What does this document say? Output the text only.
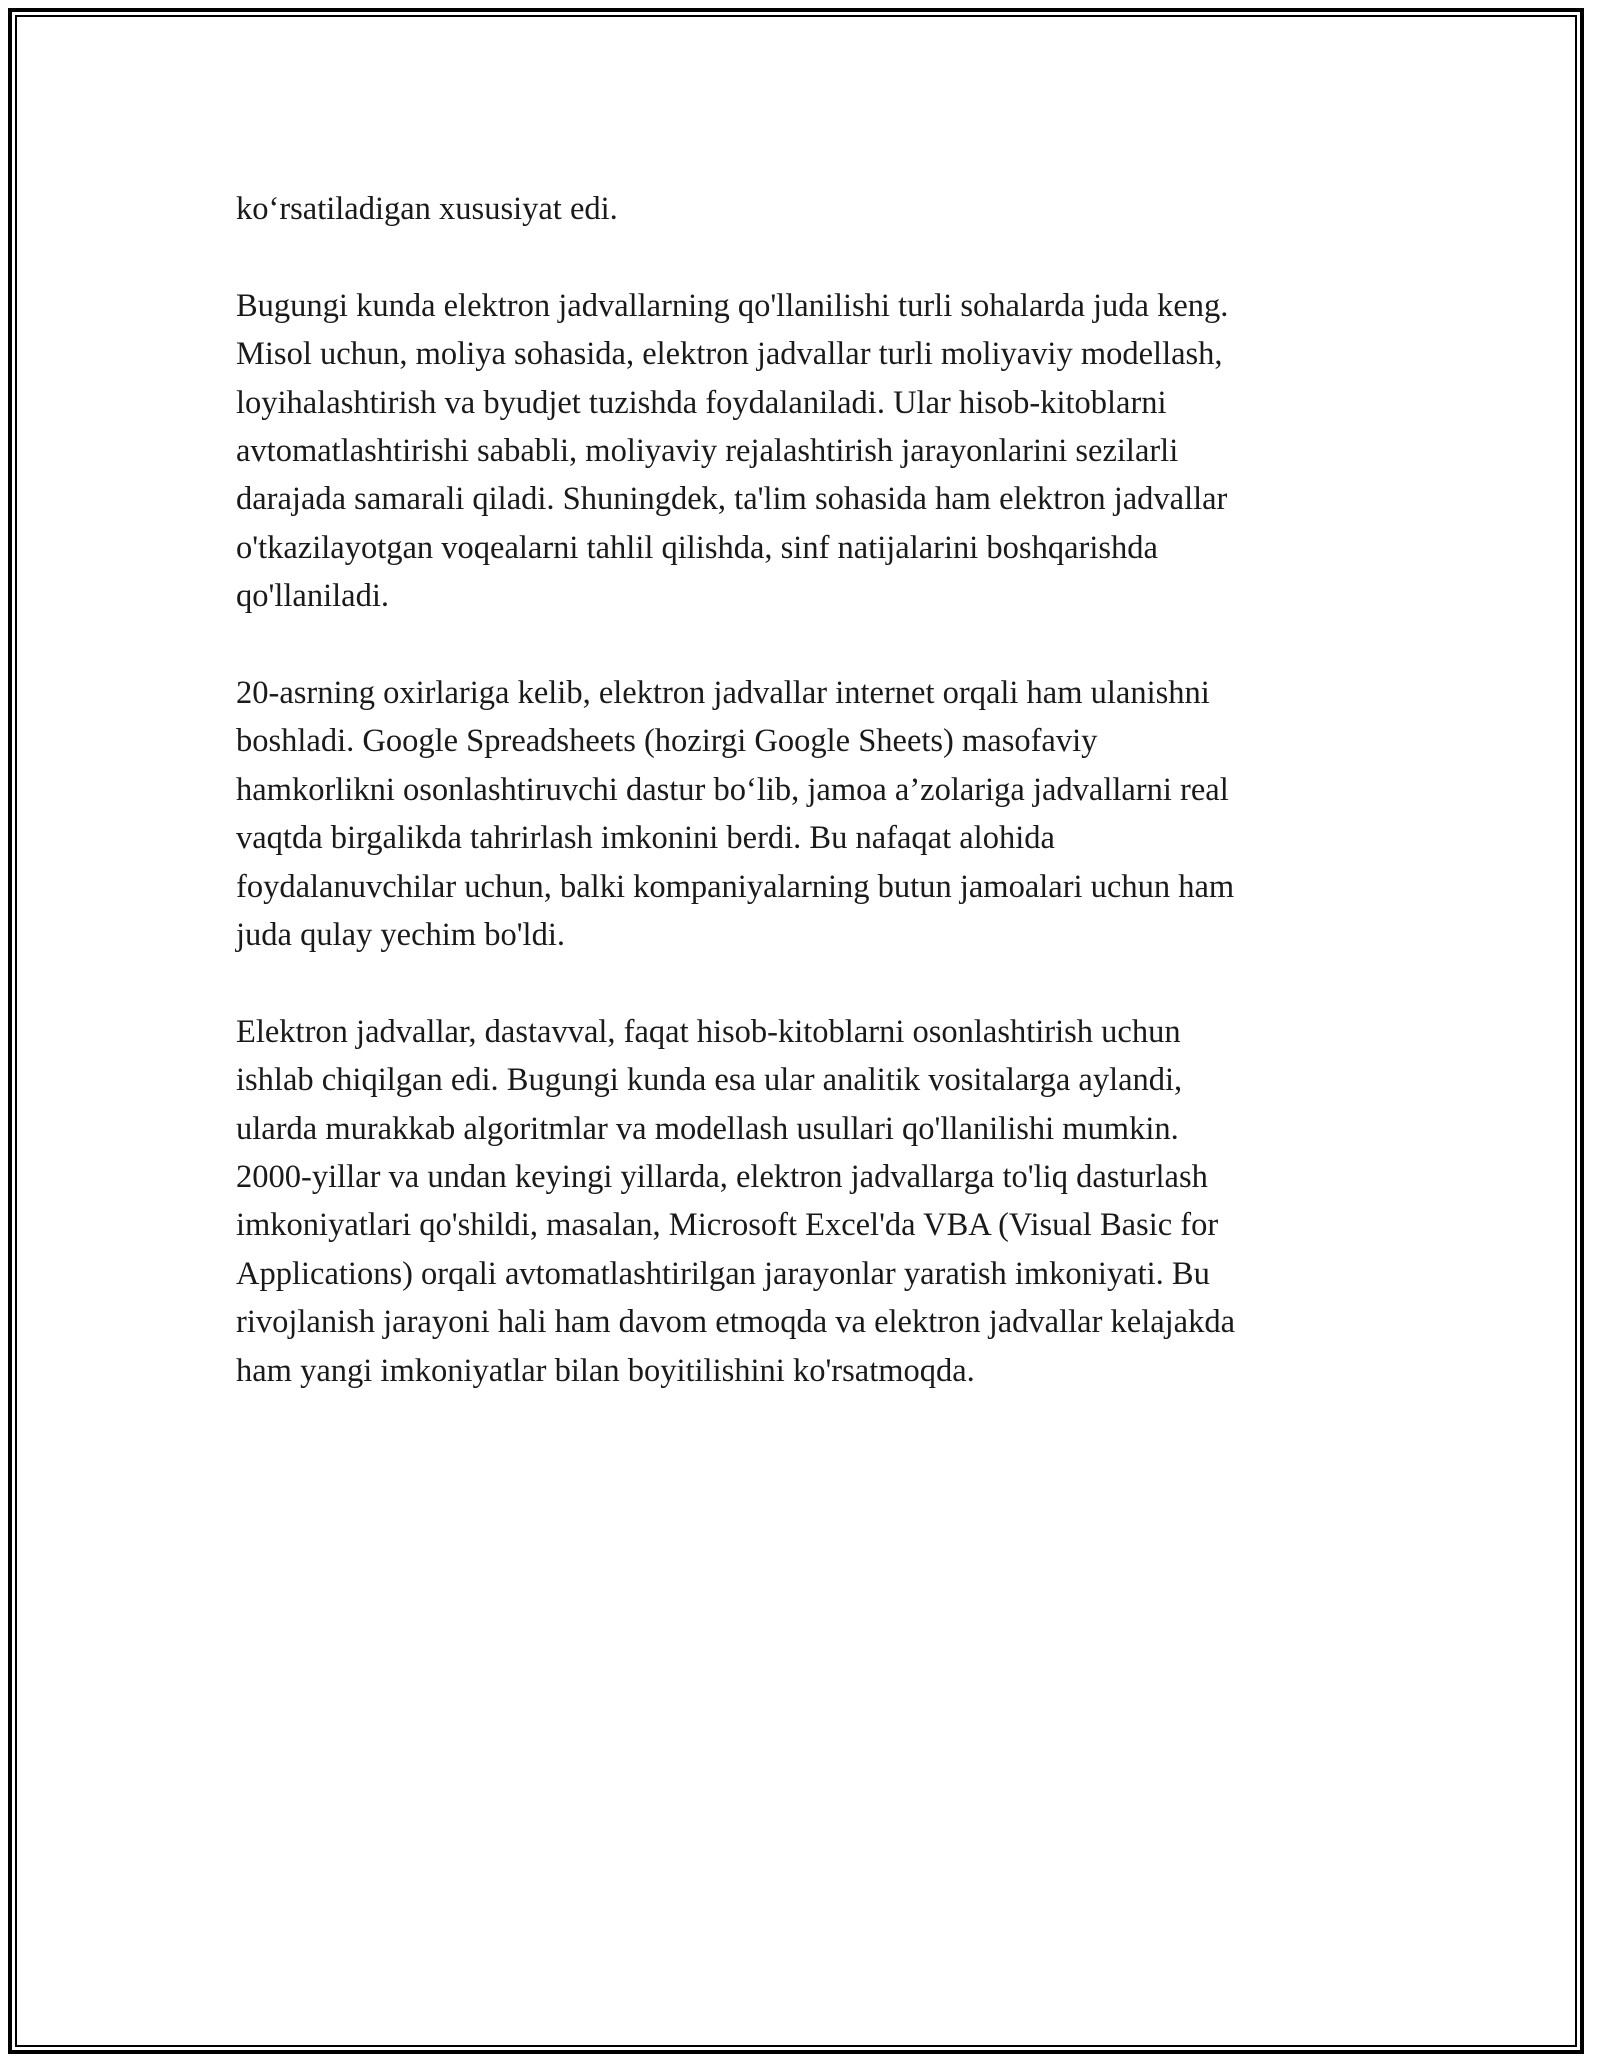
ko‘rsatiladigan xususiyat edi.

Bugungi kunda elektron jadvallarning qo'llanilishi turli sohalarda juda keng.
Misol uchun, moliya sohasida, elektron jadvallar turli moliyaviy modellash,
loyihalashtirish va byudjet tuzishda foydalaniladi. Ular hisob-kitoblarni
avtomatlashtirishi sababli, moliyaviy rejalashtirish jarayonlarini sezilarli
darajada samarali qiladi. Shuningdek, ta'lim sohasida ham elektron jadvallar
o'tkazilayotgan voqealarni tahlil qilishda, sinf natijalarini boshqarishda
qo'llaniladi.

20-asrning oxirlariga kelib, elektron jadvallar internet orqali ham ulanishni
boshladi. Google Spreadsheets (hozirgi Google Sheets) masofaviy
hamkorlikni osonlashtiruvchi dastur bo‘lib, jamoa a’zolariga jadvallarni real
vaqtda birgalikda tahrirlash imkonini berdi. Bu nafaqat alohida
foydalanuvchilar uchun, balki kompaniyalarning butun jamoalari uchun ham
juda qulay yechim bo'ldi.

Elektron jadvallar, dastavval, faqat hisob-kitoblarni osonlashtirish uchun
ishlab chiqilgan edi. Bugungi kunda esa ular analitik vositalarga aylandi,
ularda murakkab algoritmlar va modellash usullari qo'llanilishi mumkin.
2000-yillar va undan keyingi yillarda, elektron jadvallarga to'liq dasturlash
imkoniyatlari qo'shildi, masalan, Microsoft Excel'da VBA (Visual Basic for
Applications) orqali avtomatlashtirilgan jarayonlar yaratish imkoniyati. Bu
rivojlanish jarayoni hali ham davom etmoqda va elektron jadvallar kelajakda
ham yangi imkoniyatlar bilan boyitilishini ko'rsatmoqda.
